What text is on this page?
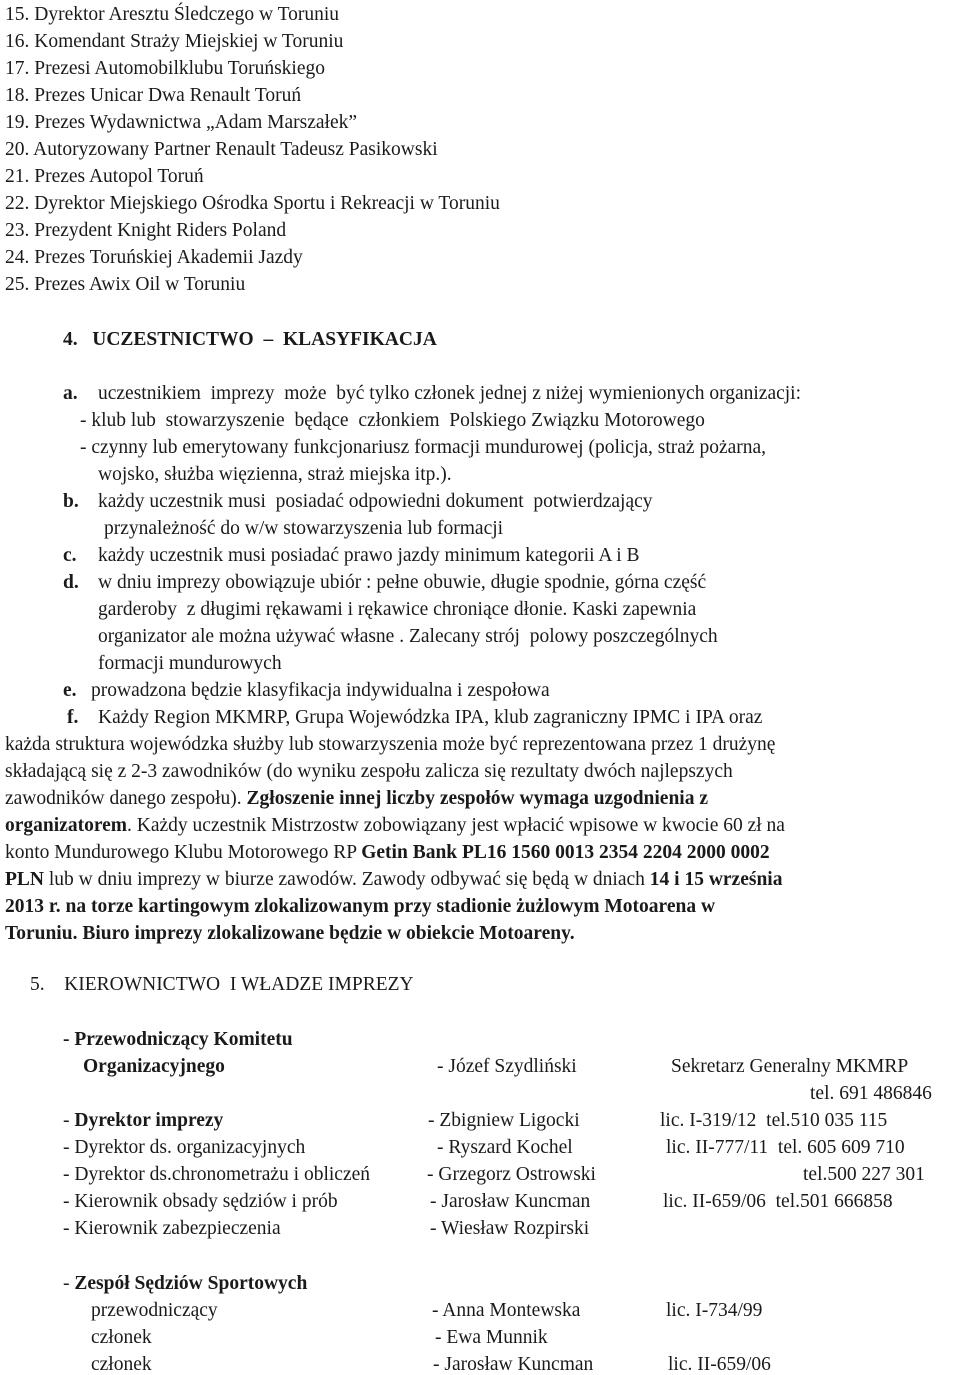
15. Dyrektor Aresztu Śledczego w Toruniu
16. Komendant Straży Miejskiej w Toruniu
17. Prezesi Automobilklubu Toruńskiego
18. Prezes Unicar Dwa Renault Toruń
19. Prezes Wydawnictwa „Adam Marszałek”
20. Autoryzowany Partner Renault Tadeusz Pasikowski
21. Prezes Autopol Toruń
22. Dyrektor Miejskiego Ośrodka Sportu i Rekreacji w Toruniu
23. Prezydent Knight Riders Poland
24. Prezes Toruńskiej Akademii Jazdy
25. Prezes Awix Oil w Toruniu
4.   UCZESTNICTWO  –  KLASYFIKACJA
a. uczestnikiem  imprezy  może  być tylko członek jednej z niżej wymienionych organizacji:
- klub lub  stowarzyszenie  będące  członkiem  Polskiego Związku Motorowego
- czynny lub emerytowany funkcjonariusz formacji mundurowej (policja, straż pożarna,
wojsko, służba więzienna, straż miejska itp.).
b. każdy uczestnik musi  posiadać odpowiedni dokument  potwierdzający
przynależność do w/w stowarzyszenia lub formacji
c. każdy uczestnik musi posiadać prawo jazdy minimum kategorii A i B
d. w dniu imprezy obowiązuje ubiór : pełne obuwie, długie spodnie, górna część
garderoby  z długimi rękawami i rękawice chroniące dłonie. Kaski zapewnia
organizator ale można używać własne . Zalecany strój  polowy poszczególnych
formacji mundurowych
e. prowadzona będzie klasyfikacja indywidualna i zespołowa
f. Każdy Region MKMRP, Grupa Wojewódzka IPA, klub zagraniczny IPMC i IPA oraz
każda struktura wojewódzka służby lub stowarzyszenia może być reprezentowana przez 1 drużynę
składającą się z 2-3 zawodników (do wyniku zespołu zalicza się rezultaty dwóch najlepszych
zawodników danego zespołu). Zgłoszenie innej liczby zespołów wymaga uzgodnienia z
organizatorem. Każdy uczestnik Mistrzostw zobowiązany jest wpłacić wpisowe w kwocie 60 zł na
konto Mundurowego Klubu Motorowego RP Getin Bank PL16 1560 0013 2354 2204 2000 0002
PLN lub w dniu imprezy w biurze zawodów. Zawody odbywać się będą w dniach 14 i 15 września
2013 r. na torze kartingowym zlokalizowanym przy stadionie żużlowym Motoarena w
Toruniu. Biuro imprezy zlokalizowane będzie w obiekcie Motoareny.
5.    KIEROWNICTWO  I WŁADZE IMPREZY
- Przewodniczący Komitetu
Organizacyjnego	- Józef Szydliński	Sekretarz Generalny MKMRP
tel. 691 486846
- Dyrektor imprezy	- Zbigniew Ligocki	lic. I-319/12  tel.510 035 115
- Dyrektor ds. organizacyjnych	- Ryszard Kochel	lic. II-777/11  tel. 605 609 710
- Dyrektor ds.chronometrażu i obliczeń	- Grzegorz Ostrowski	tel.500 227 301
- Kierownik obsady sędziów i prób	- Jarosław Kuncman	lic. II-659/06  tel.501 666858
- Kierownik zabezpieczenia	- Wiesław Rozpirski
- Zespół Sędziów Sportowych
przewodniczący	- Anna Montewska	lic. I-734/99
członek	- Ewa Munnik
członek	- Jarosław Kuncman	lic. II-659/06
